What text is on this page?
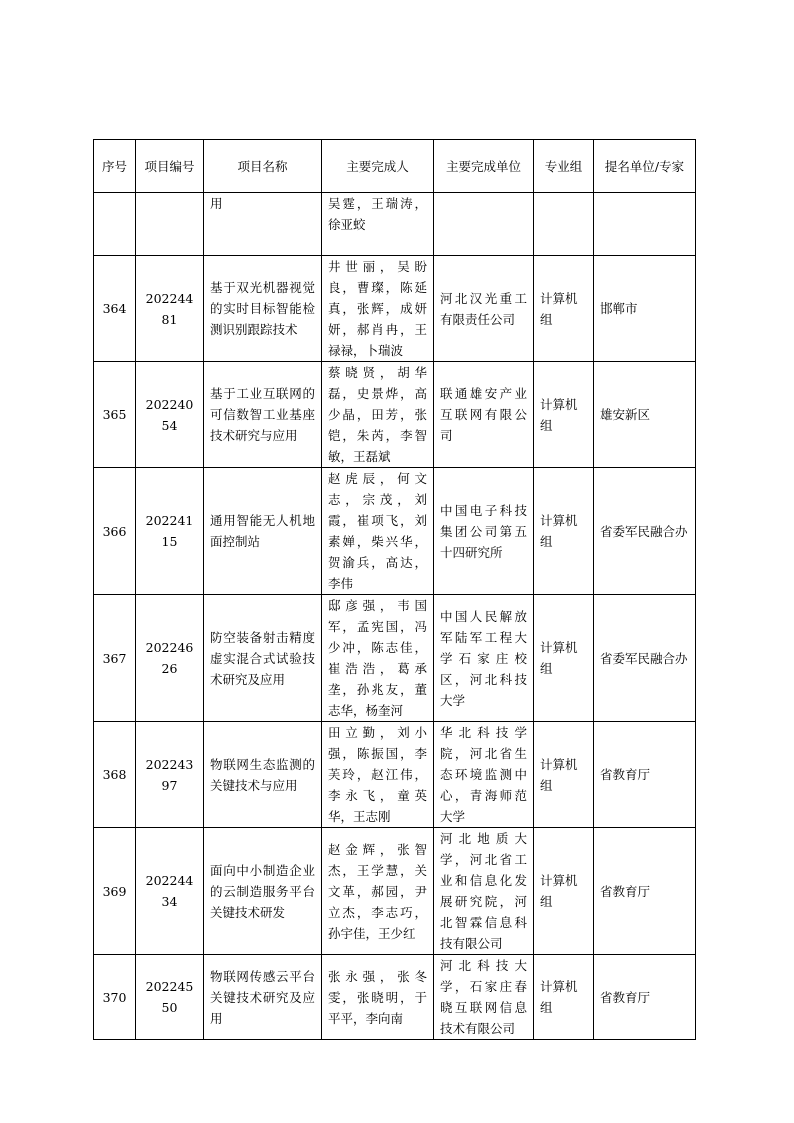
序号	项目编号	项目名称	主要完成人	主要完成单位	专业组	提名单位/专家

		用	吴霆，王瑞涛，徐亚蛟			

364	20224481	基于双光机器视觉的实时目标智能检测识别跟踪技术	井世丽，吴盼良，曹璨，陈延真，张辉，成妍妍，郝肖冉，王禄禄，卜瑞波	河北汉光重工有限责任公司	计算机组	邯郸市

365	20224054	基于工业互联网的可信数智工业基座技术研究与应用	蔡晓贤，胡华磊，史景烨，高少晶，田芳，张铠，朱芮，李智敏，王磊斌	联通雄安产业互联网有限公司	计算机组	雄安新区

366	20224115	通用智能无人机地面控制站	赵虎辰，何文志，宗茂，刘霞，崔项飞，刘素婵，柴兴华，贺渝兵，高达，李伟	中国电子科技集团公司第五十四研究所	计算机组	省委军民融合办

367	20224626	防空装备射击精度虚实混合式试验技术研究及应用	邸彦强，韦国军，孟宪国，冯少冲，陈志佳，崔浩浩，葛承垄，孙兆友，董志华，杨奎河	中国人民解放军陆军工程大学石家庄校区，河北科技大学	计算机组	省委军民融合办

368	20224397	物联网生态监测的关键技术与应用	田立勤，刘小强，陈振国，李芙玲，赵江伟，李永飞，童英华，王志刚	华北科技学院，河北省生态环境监测中心，青海师范大学	计算机组	省教育厅

369	20224434	面向中小制造企业的云制造服务平台关键技术研发	赵金辉，张智杰，王学慧，关文革，郝园，尹立杰，李志巧，孙宇佳，王少红	河北地质大学，河北省工业和信息化发展研究院，河北智霖信息科技有限公司	计算机组	省教育厅

370	20224550	物联网传感云平台关键技术研究及应用	张永强，张冬雯，张晓明，于平平，李向南	河北科技大学，石家庄春晓互联网信息技术有限公司	计算机组	省教育厅
